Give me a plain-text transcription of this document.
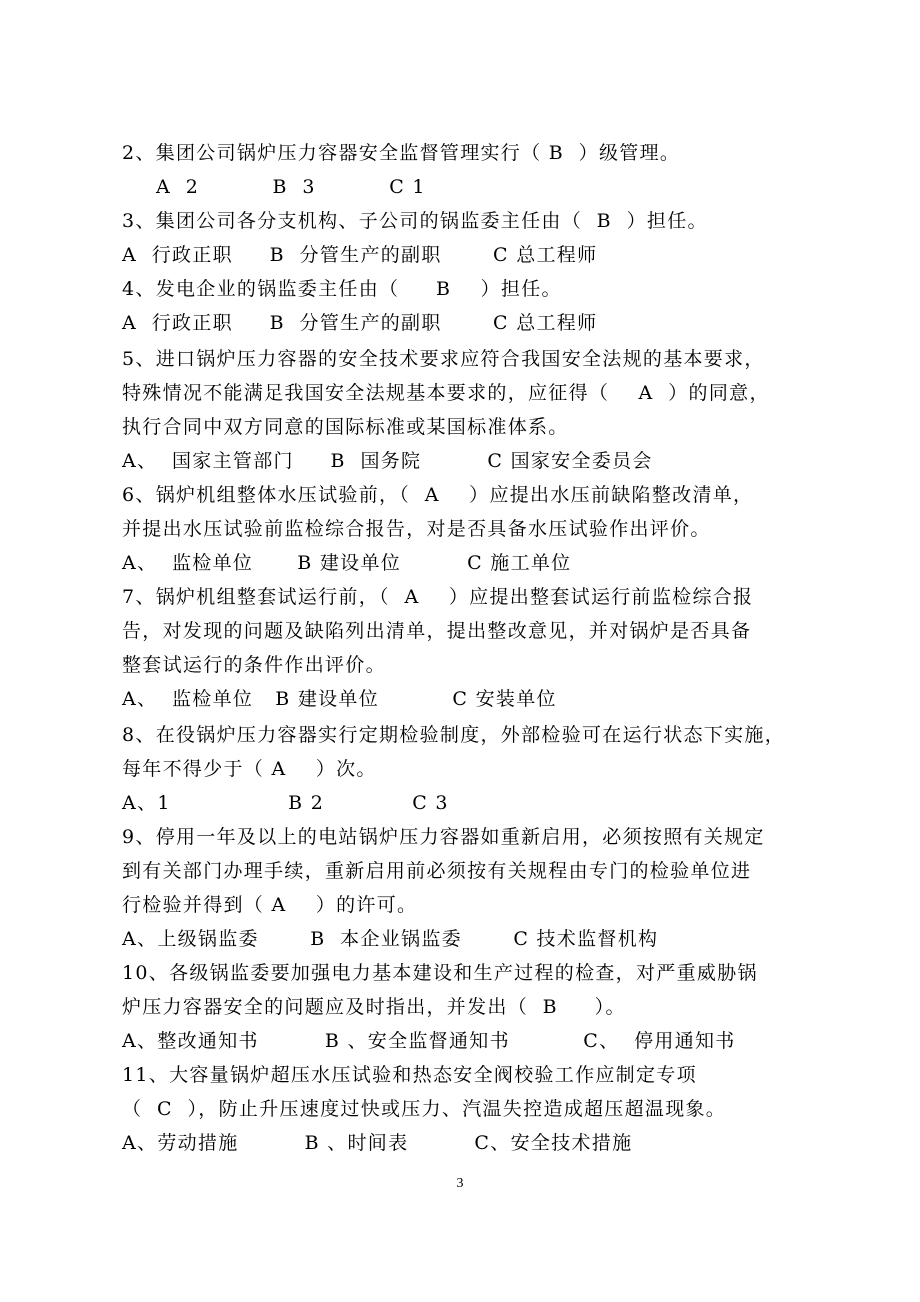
2、集团公司锅炉压力容器安全监督管理实行（ B  ）级管理。
A  2          B  3          C 1
3、集团公司各分支机构、子公司的锅监委主任由（  B  ）担任。
A  行政正职     B  分管生产的副职       C 总工程师
4、发电企业的锅监委主任由（     B    ）担任。
A  行政正职     B  分管生产的副职       C 总工程师
5、进口锅炉压力容器的安全技术要求应符合我国安全法规的基本要求，
特殊情况不能满足我国安全法规基本要求的，应征得（    A  ）的同意，
执行合同中双方同意的国际标准或某国标准体系。
A、  国家主管部门     B  国务院         C 国家安全委员会
6、锅炉机组整体水压试验前，（  A    ）应提出水压前缺陷整改清单，
并提出水压试验前监检综合报告，对是否具备水压试验作出评价。
A、  监检单位      B 建设单位         C 施工单位
7、锅炉机组整套试运行前，（  A    ）应提出整套试运行前监检综合报
告，对发现的问题及缺陷列出清单，提出整改意见，并对锅炉是否具备
整套试运行的条件作出评价。
A、  监检单位   B 建设单位          C 安装单位
8、在役锅炉压力容器实行定期检验制度，外部检验可在运行状态下实施，
每年不得少于（ A    ）次。
A、1                B 2            C 3
9、停用一年及以上的电站锅炉压力容器如重新启用，必须按照有关规定
到有关部门办理手续，重新启用前必须按有关规程由专门的检验单位进
行检验并得到（ A    ）的许可。
A、上级锅监委       B  本企业锅监委       C 技术监督机构
10、各级锅监委要加强电力基本建设和生产过程的检查，对严重威胁锅
炉压力容器安全的问题应及时指出，并发出（  B     ）。
A、整改通知书         B 、安全监督通知书          C、  停用通知书
11、大容量锅炉超压水压试验和热态安全阀校验工作应制定专项
（  C  ），防止升压速度过快或压力、汽温失控造成超压超温现象。
A、劳动措施         B 、时间表         C、安全技术措施
3
